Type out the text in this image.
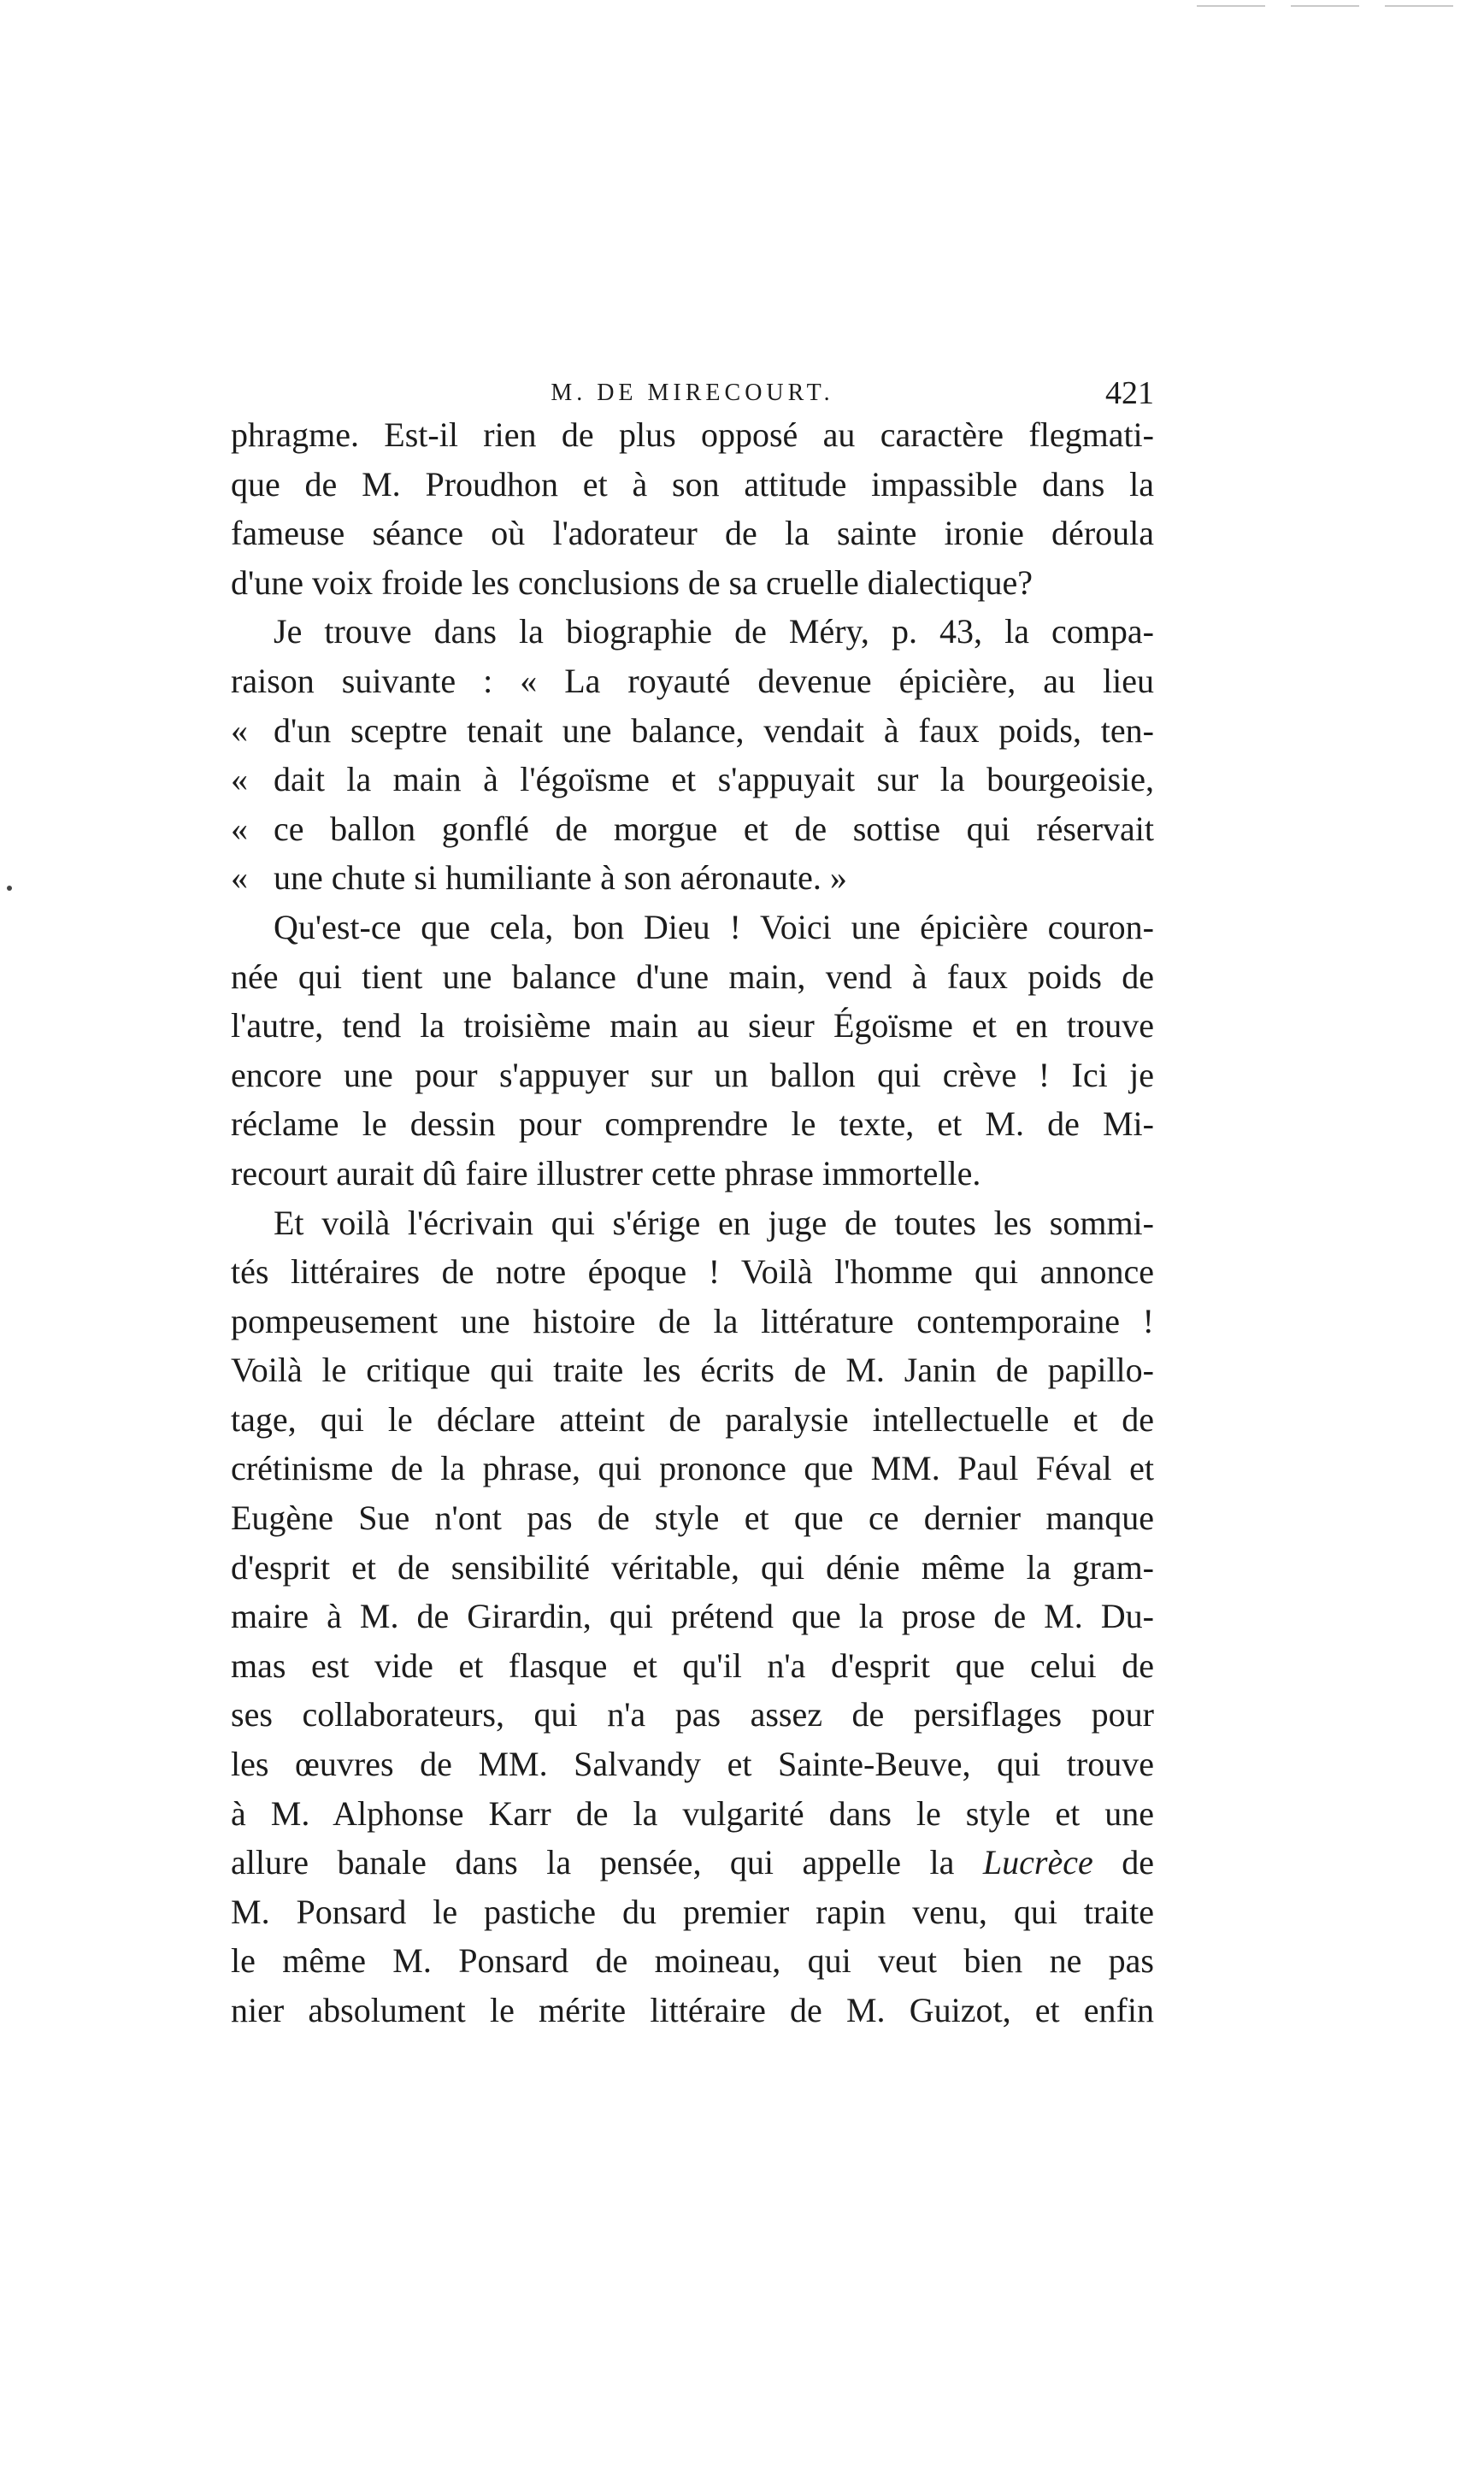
M. DE MIRECOURT.	421
phragme. Est-il rien de plus opposé au caractère flegmati-
que de M. Proudhon et à son attitude impassible dans la
fameuse séance où l'adorateur de la sainte ironie déroula
d'une voix froide les conclusions de sa cruelle dialectique?
Je trouve dans la biographie de Méry, p. 43, la compa-
raison suivante : « La royauté devenue épicière, au lieu
« d'un sceptre tenait une balance, vendait à faux poids, ten-
« dait la main à l'égoïsme et s'appuyait sur la bourgeoisie,
« ce ballon gonflé de morgue et de sottise qui réservait
« une chute si humiliante à son aéronaute. »
Qu'est-ce que cela, bon Dieu ! Voici une épicière couron-
née qui tient une balance d'une main, vend à faux poids de
l'autre, tend la troisième main au sieur Égoïsme et en trouve
encore une pour s'appuyer sur un ballon qui crève ! Ici je
réclame le dessin pour comprendre le texte, et M. de Mi-
recourt aurait dû faire illustrer cette phrase immortelle.
Et voilà l'écrivain qui s'érige en juge de toutes les sommi-
tés littéraires de notre époque ! Voilà l'homme qui annonce
pompeusement une histoire de la littérature contemporaine !
Voilà le critique qui traite les écrits de M. Janin de papillo-
tage, qui le déclare atteint de paralysie intellectuelle et de
crétinisme de la phrase, qui prononce que MM. Paul Féval et
Eugène Sue n'ont pas de style et que ce dernier manque
d'esprit et de sensibilité véritable, qui dénie même la gram-
maire à M. de Girardin, qui prétend que la prose de M. Du-
mas est vide et flasque et qu'il n'a d'esprit que celui de
ses collaborateurs, qui n'a pas assez de persiflages pour
les œuvres de MM. Salvandy et Sainte-Beuve, qui trouve
à M. Alphonse Karr de la vulgarité dans le style et une
allure banale dans la pensée, qui appelle la Lucrèce de
M. Ponsard le pastiche du premier rapin venu, qui traite
le même M. Ponsard de moineau, qui veut bien ne pas
nier absolument le mérite littéraire de M. Guizot, et enfin
